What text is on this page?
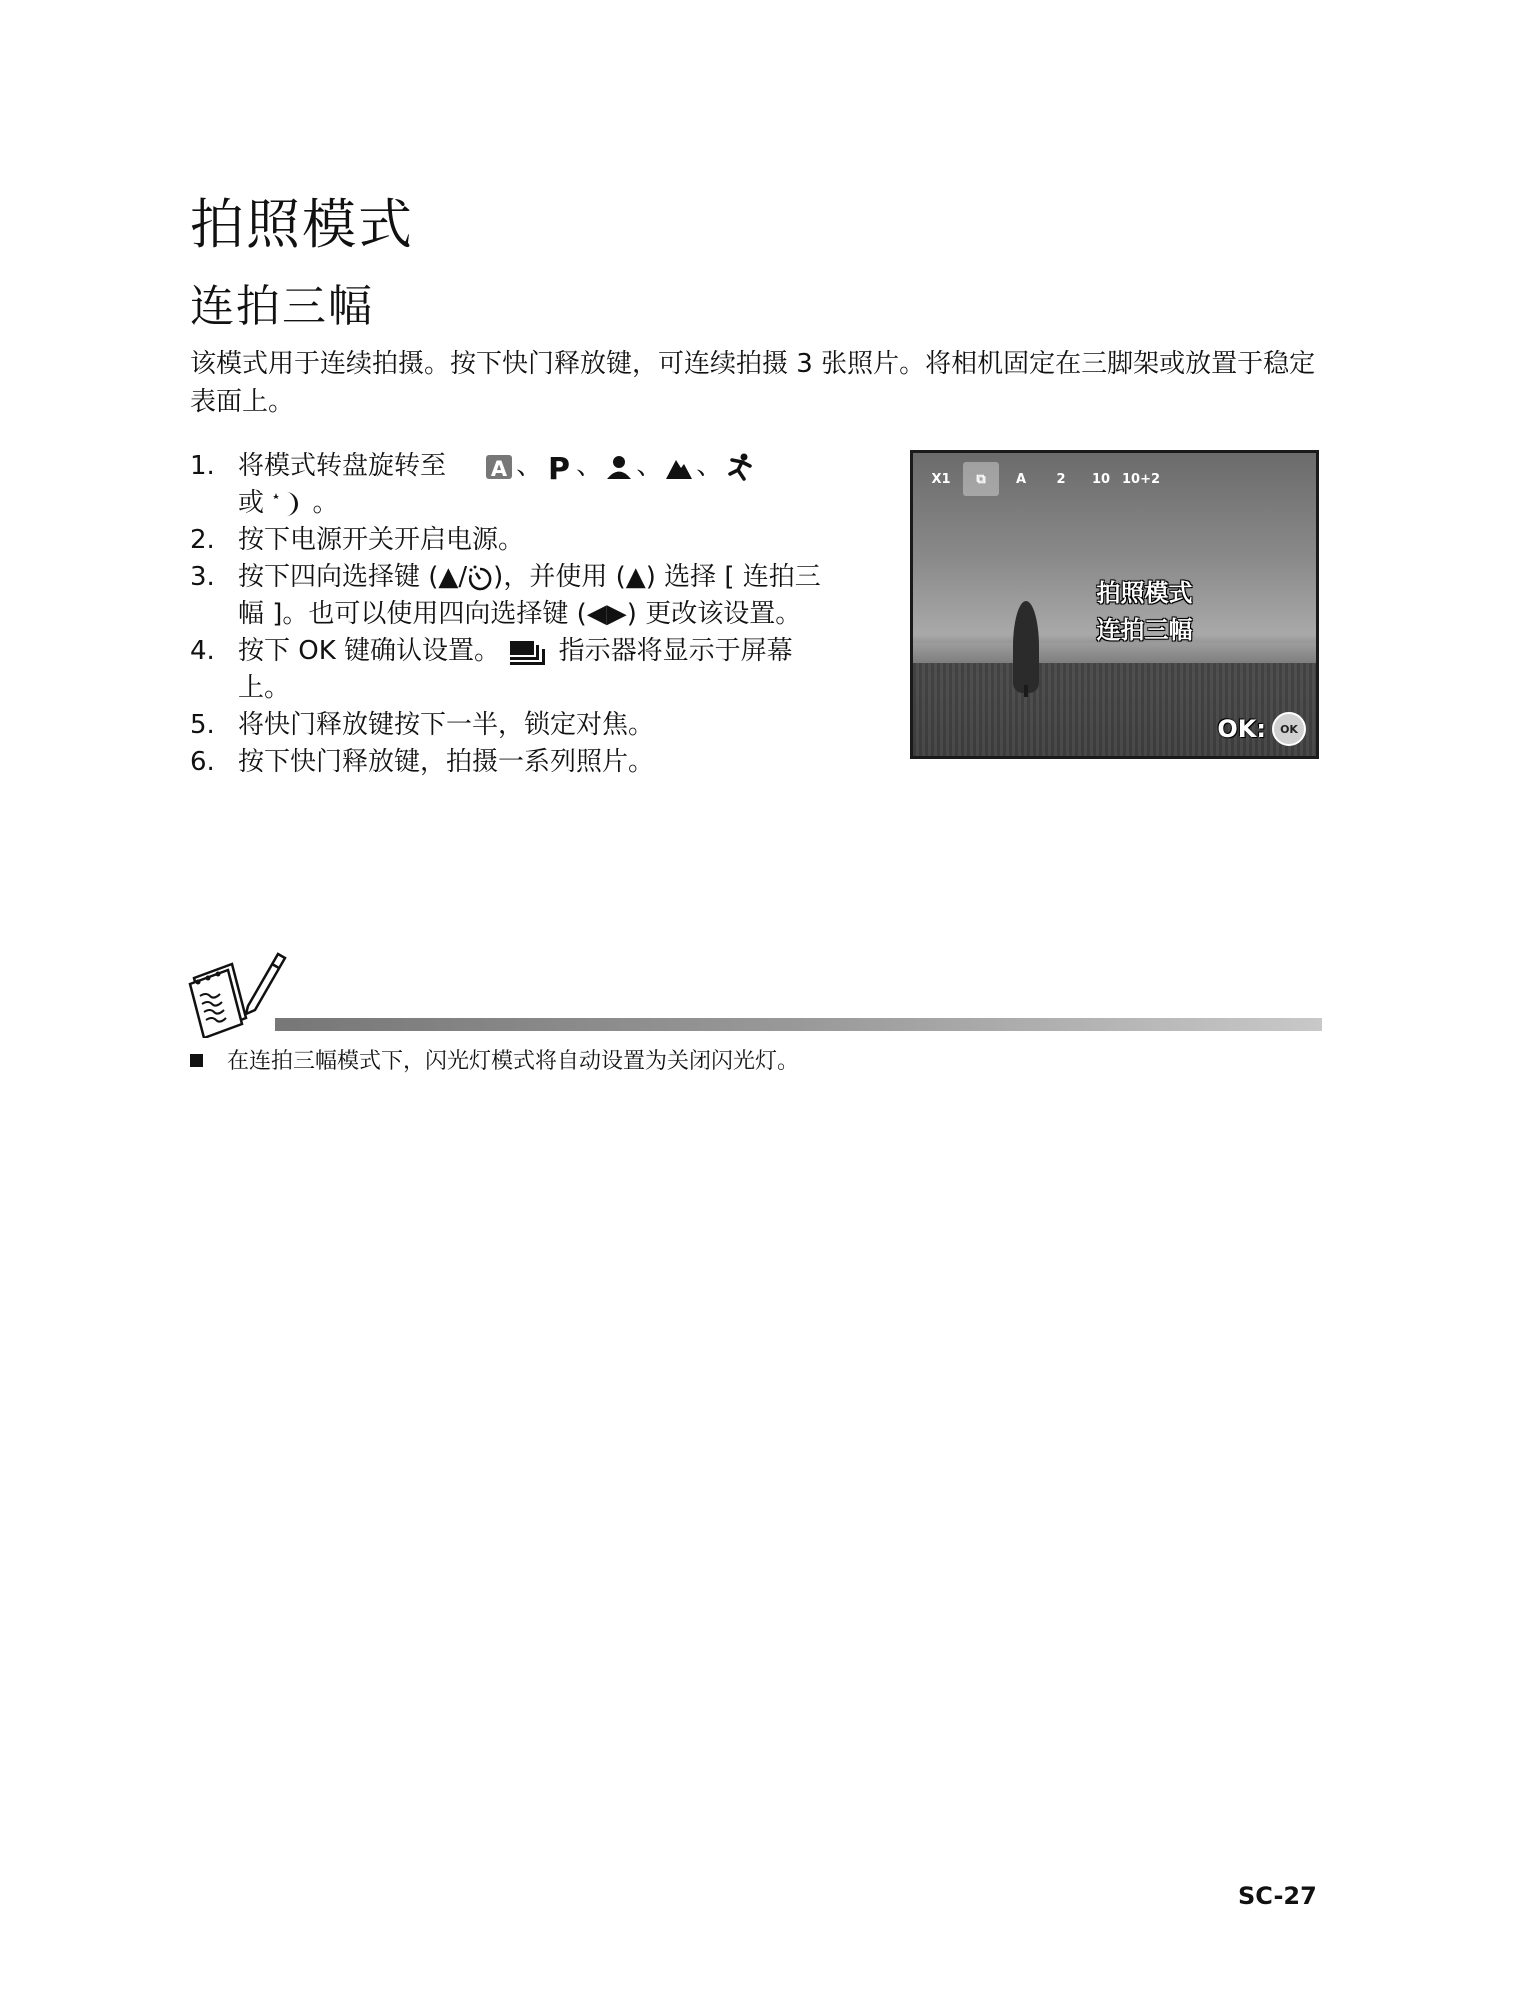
拍照模式
连拍三幅

该模式用于连续拍摄。按下快门释放键，可连续拍摄 3 张照片。将相机固定在三脚架或放置于稳定表面上。

1. 将模式转盘旋转至 A 、 P 、 、 、
或 。
2. 按下电源开关开启电源。
3. 按下四向选择键 (▲/ )，并使用 (▲) 选择 [ 连拍三幅 ]。也可以使用四向选择键 (◀▶) 更改该设置。
4. 按下 OK 键确认设置。 指示器将显示于屏幕上。
5. 将快门释放键按下一半，锁定对焦。
6. 按下快门释放键，拍摄一系列照片。
X1	⧉	A	2	10 10+2
拍照模式
连拍三幅
OK:	OK
在连拍三幅模式下，闪光灯模式将自动设置为关闭闪光灯。
SC-27
